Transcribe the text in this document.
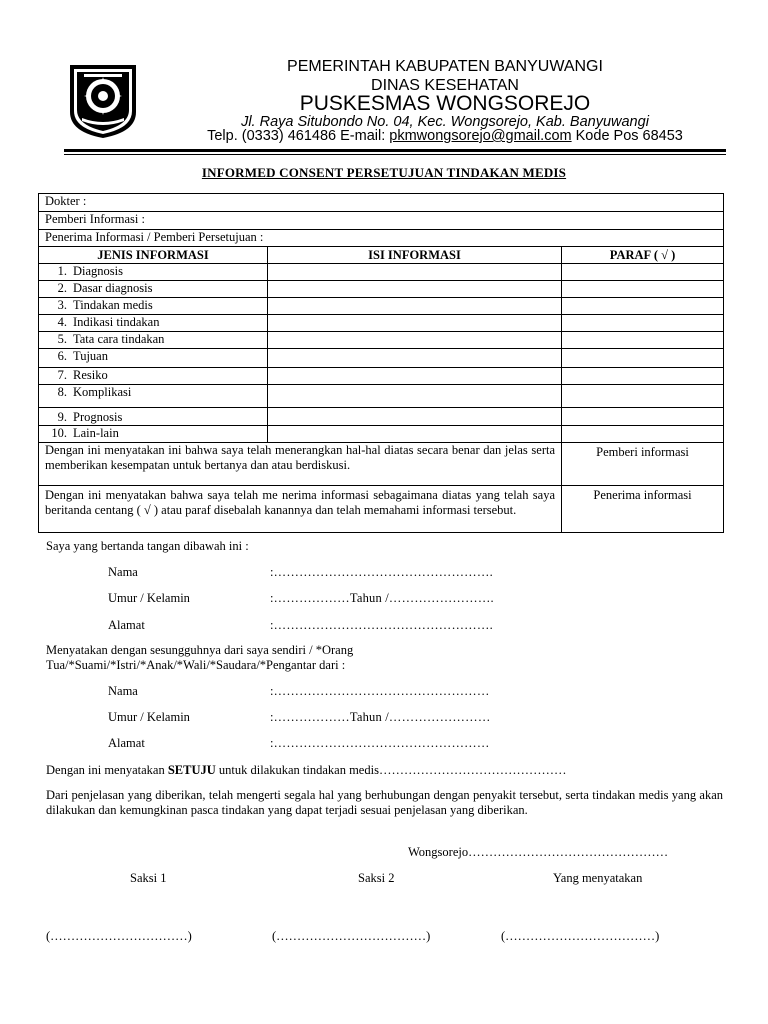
PEMERINTAH KABUPATEN BANYUWANGI
DINAS KESEHATAN
PUSKESMAS WONGSOREJO
Jl. Raya Situbondo No. 04, Kec. Wongsorejo, Kab. Banyuwangi
Telp. (0333) 461486 E-mail: pkmwongsorejo@gmail.com Kode Pos 68453
INFORMED CONSENT PERSETUJUAN TINDAKAN MEDIS
Dokter :		
Pemberi Informasi :		
Penerima Informasi / Pemberi Persetujuan :		
JENIS INFORMASI	ISI INFORMASI	PARAF ( √ )
1. Diagnosis		
2. Dasar diagnosis		
3. Tindakan medis		
4. Indikasi tindakan		
5. Tata cara tindakan		
6. Tujuan		
7. Resiko		
8. Komplikasi		
9. Prognosis		
10. Lain-lain		
Dengan ini menyatakan ini bahwa saya telah menerangkan hal-hal diatas secara benar dan jelas serta memberikan kesempatan untuk bertanya dan atau berdiskusi.		Pemberi informasi
Dengan ini menyatakan bahwa saya telah me nerima informasi sebagaimana diatas yang telah saya beritanda centang ( √ ) atau paraf disebalah kanannya dan telah memahami informasi tersebut.		Penerima informasi
Saya yang bertanda tangan dibawah ini :
Nama	:…………………………………………….
Umur / Kelamin	:………………Tahun /…………………….
Alamat	:…………………………………………….
Menyatakan dengan sesungguhnya dari saya sendiri / *Orang
Tua/*Suami/*Istri/*Anak/*Wali/*Saudara/*Pengantar dari :
Nama	:……………………………………………
Umur / Kelamin	:………………Tahun /……………………
Alamat	:……………………………………………
Dengan ini menyatakan SETUJU untuk dilakukan tindakan medis………………………………………
Dari penjelasan yang diberikan, telah mengerti segala hal yang berhubungan dengan penyakit tersebut, serta tindakan medis yang akan dilakukan dan kemungkinan pasca tindakan yang dapat terjadi sesuai penjelasan yang diberikan.
Wongsorejo…………………………………………
Saksi 1	Saksi 2	Yang menyatakan
(……………………………)	(………………………………)	(………………………………)
